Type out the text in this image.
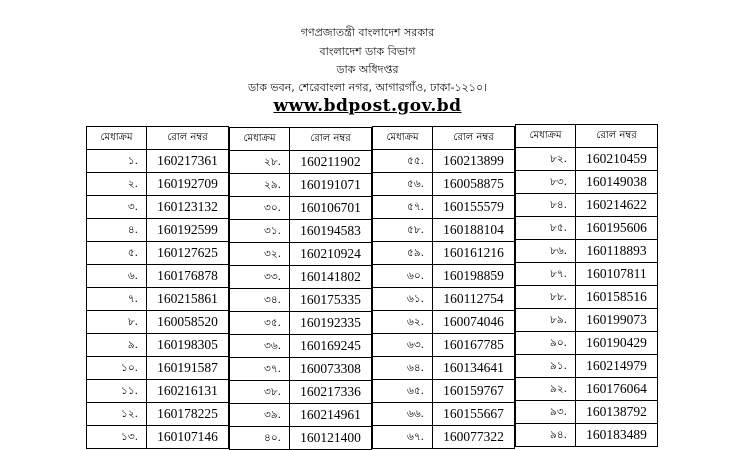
গণপ্রজাতন্ত্রী বাংলাদেশ সরকার
বাংলাদেশ ডাক বিভাগ
ডাক অধিদপ্তর
ডাক ভবন, শেরেবাংলা নগর, আগারগাঁও, ঢাকা-১২১০।
www.bdpost.gov.bd
মেধাক্রম	রোল নম্বর
১.	160217361
২.	160192709
৩.	160123132
৪.	160192599
৫.	160127625
৬.	160176878
৭.	160215861
৮.	160058520
৯.	160198305
১০.	160191587
১১.	160216131
১২.	160178225
১৩.	160107146
মেধাক্রম	রোল নম্বর
২৮.	160211902
২৯.	160191071
৩০.	160106701
৩১.	160194583
৩২.	160210924
৩৩.	160141802
৩৪.	160175335
৩৫.	160192335
৩৬.	160169245
৩৭.	160073308
৩৮.	160217336
৩৯.	160214961
৪০.	160121400
মেধাক্রম	রোল নম্বর
৫৫.	160213899
৫৬.	160058875
৫৭.	160155579
৫৮.	160188104
৫৯.	160161216
৬০.	160198859
৬১.	160112754
৬২.	160074046
৬৩.	160167785
৬৪.	160134641
৬৫.	160159767
৬৬.	160155667
৬৭.	160077322
মেধাক্রম	রোল নম্বর
৮২.	160210459
৮৩.	160149038
৮৪.	160214622
৮৫.	160195606
৮৬.	160118893
৮৭.	160107811
৮৮.	160158516
৮৯.	160199073
৯০.	160190429
৯১.	160214979
৯২.	160176064
৯৩.	160138792
৯৪.	160183489
